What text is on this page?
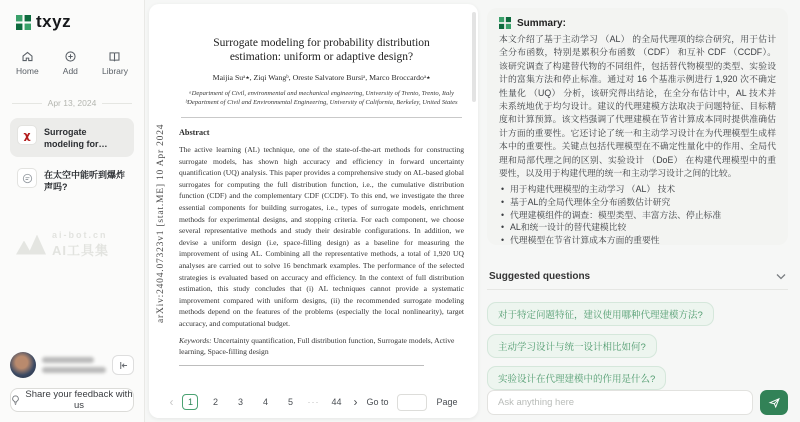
txyz
Home	Add	Library
Apr 13, 2024
χ Surrogate modeling for
在太空中能听到爆炸声吗?
ai-bot.cn
AI工具集
Share your feedback with us
arXiv:2404.07323v1 [stat.ME] 10 Apr 2024
Surrogate modeling for probability distribution estimation: uniform or adaptive design?
Maijia Suᵃ٭, Ziqi Wangᵇ, Oreste Salvatore Bursiᵃ, Marco Broccardoᵃ٭
ᵃDepartment of Civil, environmental and mechanical engineering, University of Trento, Trento, Italy
ᵇDepartment of Civil and Environmental Engineering, University of California, Berkeley, United States
Abstract
The active learning (AL) technique, one of the state-of-the-art methods for constructing surrogate models, has shown high accuracy and efficiency in forward uncertainty quantification (UQ) analysis. This paper provides a comprehensive study on AL-based global surrogates for computing the full distribution function, i.e., the cumulative distribution function (CDF) and the complementary CDF (CCDF). To this end, we investigate the three essential components for building surrogates, i.e., types of surrogate models, enrichment methods for experimental designs, and stopping criteria. For each component, we choose several representative methods and study their desirable configurations. In addition, we devise a uniform design (i.e, space-filling design) as a baseline for measuring the improvement of using AL. Combining all the representative methods, a total of 1,920 UQ analyses are carried out to solve 16 benchmark examples. The performance of the selected strategies is evaluated based on accuracy and efficiency. In the context of full distribution estimation, this study concludes that (i) AL techniques cannot provide a systematic improvement compared with uniform designs, (ii) the recommended surrogate modeling methods depend on the features of the problems (especially the local nonlinearity), target accuracy, and computational budget.
Keywords: Uncertainty quantification, Full distribution function, Surrogate models, Active learning, Space-filling design
‹	1	2	3	4	5	···	44 › Go to	Page
Summary:
本文介绍了基于主动学习 （AL） 的全局代理项的综合研究，用于估计全分布函数，特别是累积分布函数 （CDF） 和互补 CDF （CCDF）。该研究调查了构建替代物的不同组件，包括替代物模型的类型、实验设计的富集方法和停止标准。通过对 16 个基准示例进行 1,920 次不确定性量化 （UQ） 分析，该研究得出结论，在全分布估计中，AL 技术并未系统地优于均匀设计。建议的代理建模方法取决于问题特征、目标精度和计算预算。该文档强调了代理建模在节省计算成本同时提供准确估计方面的重要性。它还讨论了统一和主动学习设计在为代理模型生成样本中的重要性。关键点包括代理模型在不确定性量化中的作用、全局代理和局部代理之间的区别、实验设计 （DoE） 在构建代理模型中的重要性，以及用于构建代理的统一和主动学习设计之间的比较。
• 用于构建代理模型的主动学习 （AL） 技术
• 基于AL的全局代理体全分布函数估计研究
• 代理建模组件的调查：模型类型、丰富方法、停止标准
• AL和统一设计的替代建模比较
• 代理模型在节省计算成本方面的重要性
Suggested questions
对于特定问题特征，建议使用哪种代理建模方法?
主动学习设计与统一设计相比如何?
实验设计在代理建模中的作用是什么?
Ask anything here
